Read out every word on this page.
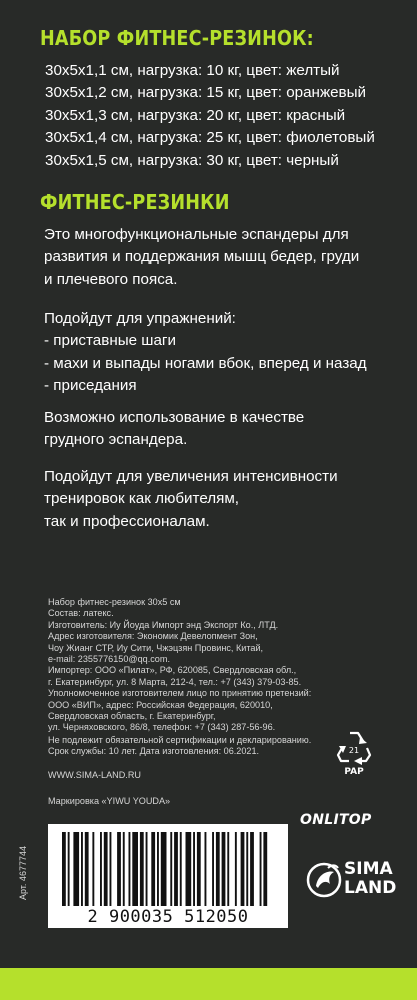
НАБОР ФИТНЕС-РЕЗИНОК:
30х5х1,1 см, нагрузка: 10 кг, цвет: желтый
30х5х1,2 см, нагрузка: 15 кг, цвет: оранжевый
30х5х1,3 см, нагрузка: 20 кг, цвет: красный
30х5х1,4 см, нагрузка: 25 кг, цвет: фиолетовый
30х5х1,5 см, нагрузка: 30 кг, цвет: черный
ФИТНЕС-РЕЗИНКИ
Это многофункциональные эспандеры для
развития и поддержания мышц бедер, груди
и плечевого пояса.
Подойдут для упражнений:
- приставные шаги
- махи и выпады ногами вбок, вперед и назад
- приседания
Возможно использование в качестве
грудного эспандера.
Подойдут для увеличения интенсивности
тренировок как любителям,
так и профессионалам.
Набор фитнес-резинок 30х5 см
Состав: латекс.
Изготовитель: Иу Йоуда Импорт энд Экспорт Ко., ЛТД.
Адрес изготовителя: Экономик Девелопмент Зон,
Чоу Жианг СТР, Иу Сити, Чжэцзян Провинс, Китай,
e-mail: 2355776150@qq.com.
Импортер: ООО «Пилат», РФ, 620085, Свердловская обл.,
г. Екатеринбург, ул. 8 Марта, 212-4, тел.: +7 (343) 379-03-85.
Уполномоченное изготовителем лицо по принятию претензий:
ООО «ВИП», адрес: Российская Федерация, 620010,
Свердловская область, г. Екатеринбург,
ул. Черняховского, 86/8, телефон: +7 (343) 287-56-96.
Не подлежит обязательной сертификации и декларированию.
Срок службы: 10 лет. Дата изготовления: 06.2021.
WWW.SIMA-LAND.RU
Маркировка «YIWU YOUDA»
21
PAP
ONLITOP
Арт. 4677744
2 900035 512050
SIMA
LAND
